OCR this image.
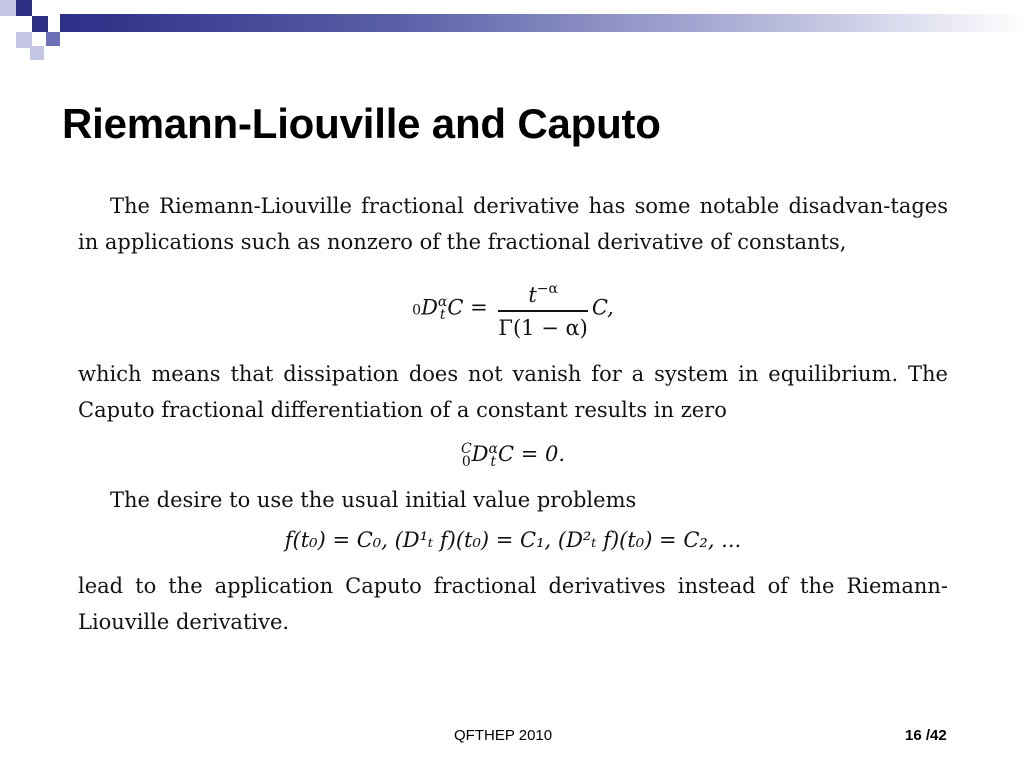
Riemann-Liouville and Caputo

The Riemann-Liouville fractional derivative has some notable disadvan-tages in applications such as nonzero of the fractional derivative of constants,

0D α
t $C = \frac{t^{-\alpha}}{\Gamma(1 - \alpha)} C$,

which means that dissipation does not vanish for a system in equilibrium. The Caputo fractional differentiation of a constant results in zero

C
0 D α
t C = 0.

The desire to use the usual initial value problems

f(t₀) = C₀, (D¹ₜ f)(t₀) = C₁, (D²ₜ f)(t₀) = C₂, ...

lead to the application Caputo fractional derivatives instead of the Riemann-Liouville derivative.

QFTHEP 2010	16 /42
